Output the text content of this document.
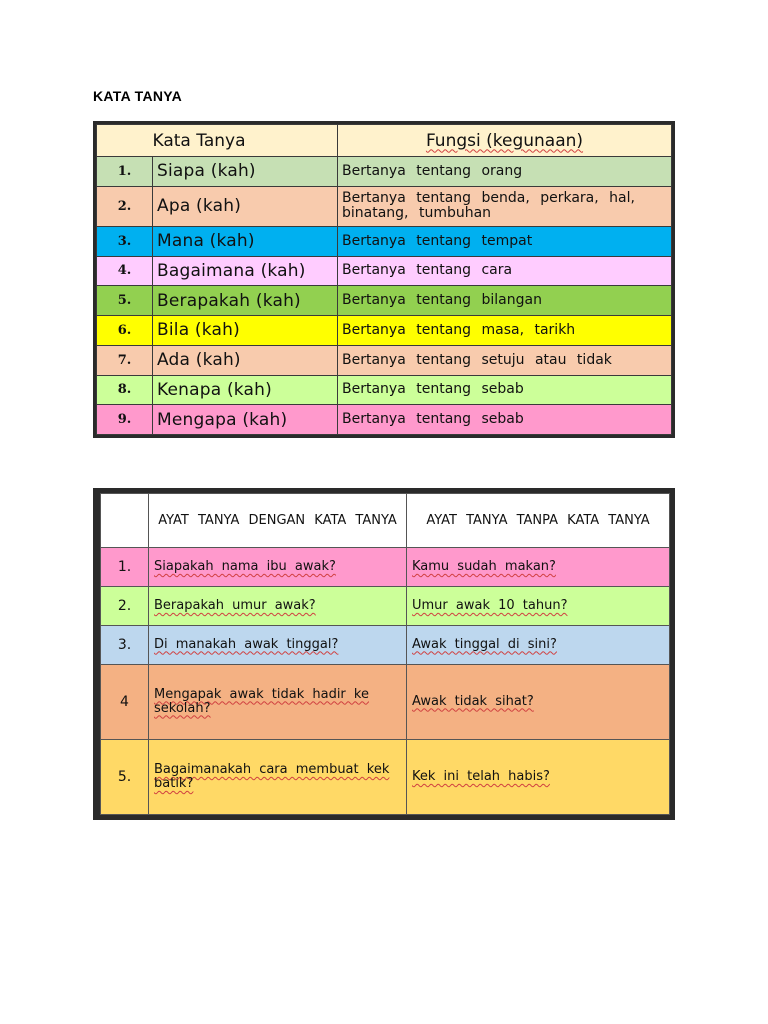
KATA TANYA
Kata Tanya		Fungsi (kegunaan)
1.	Siapa (kah)	Bertanya tentang orang
2.	Apa (kah)	Bertanya tentang benda, perkara, hal, binatang, tumbuhan
3.	Mana (kah)	Bertanya tentang tempat
4.	Bagaimana (kah)	Bertanya tentang cara
5.	Berapakah (kah)	Bertanya tentang bilangan
6.	Bila (kah)	Bertanya tentang masa, tarikh
7.	Ada (kah)	Bertanya tentang setuju atau tidak
8.	Kenapa (kah)	Bertanya tentang sebab
9.	Mengapa (kah)	Bertanya tentang sebab
	AYAT TANYA DENGAN KATA TANYA	AYAT TANYA TANPA KATA TANYA
1.	Siapakah nama ibu awak?	Kamu sudah makan?
2.	Berapakah umur awak?	Umur awak 10 tahun?
3.	Di manakah awak tinggal?	Awak tinggal di sini?
4	Mengapak awak tidak hadir ke sekolah?	Awak tidak sihat?
5.	Bagaimanakah cara membuat kek batik?	Kek ini telah habis?
